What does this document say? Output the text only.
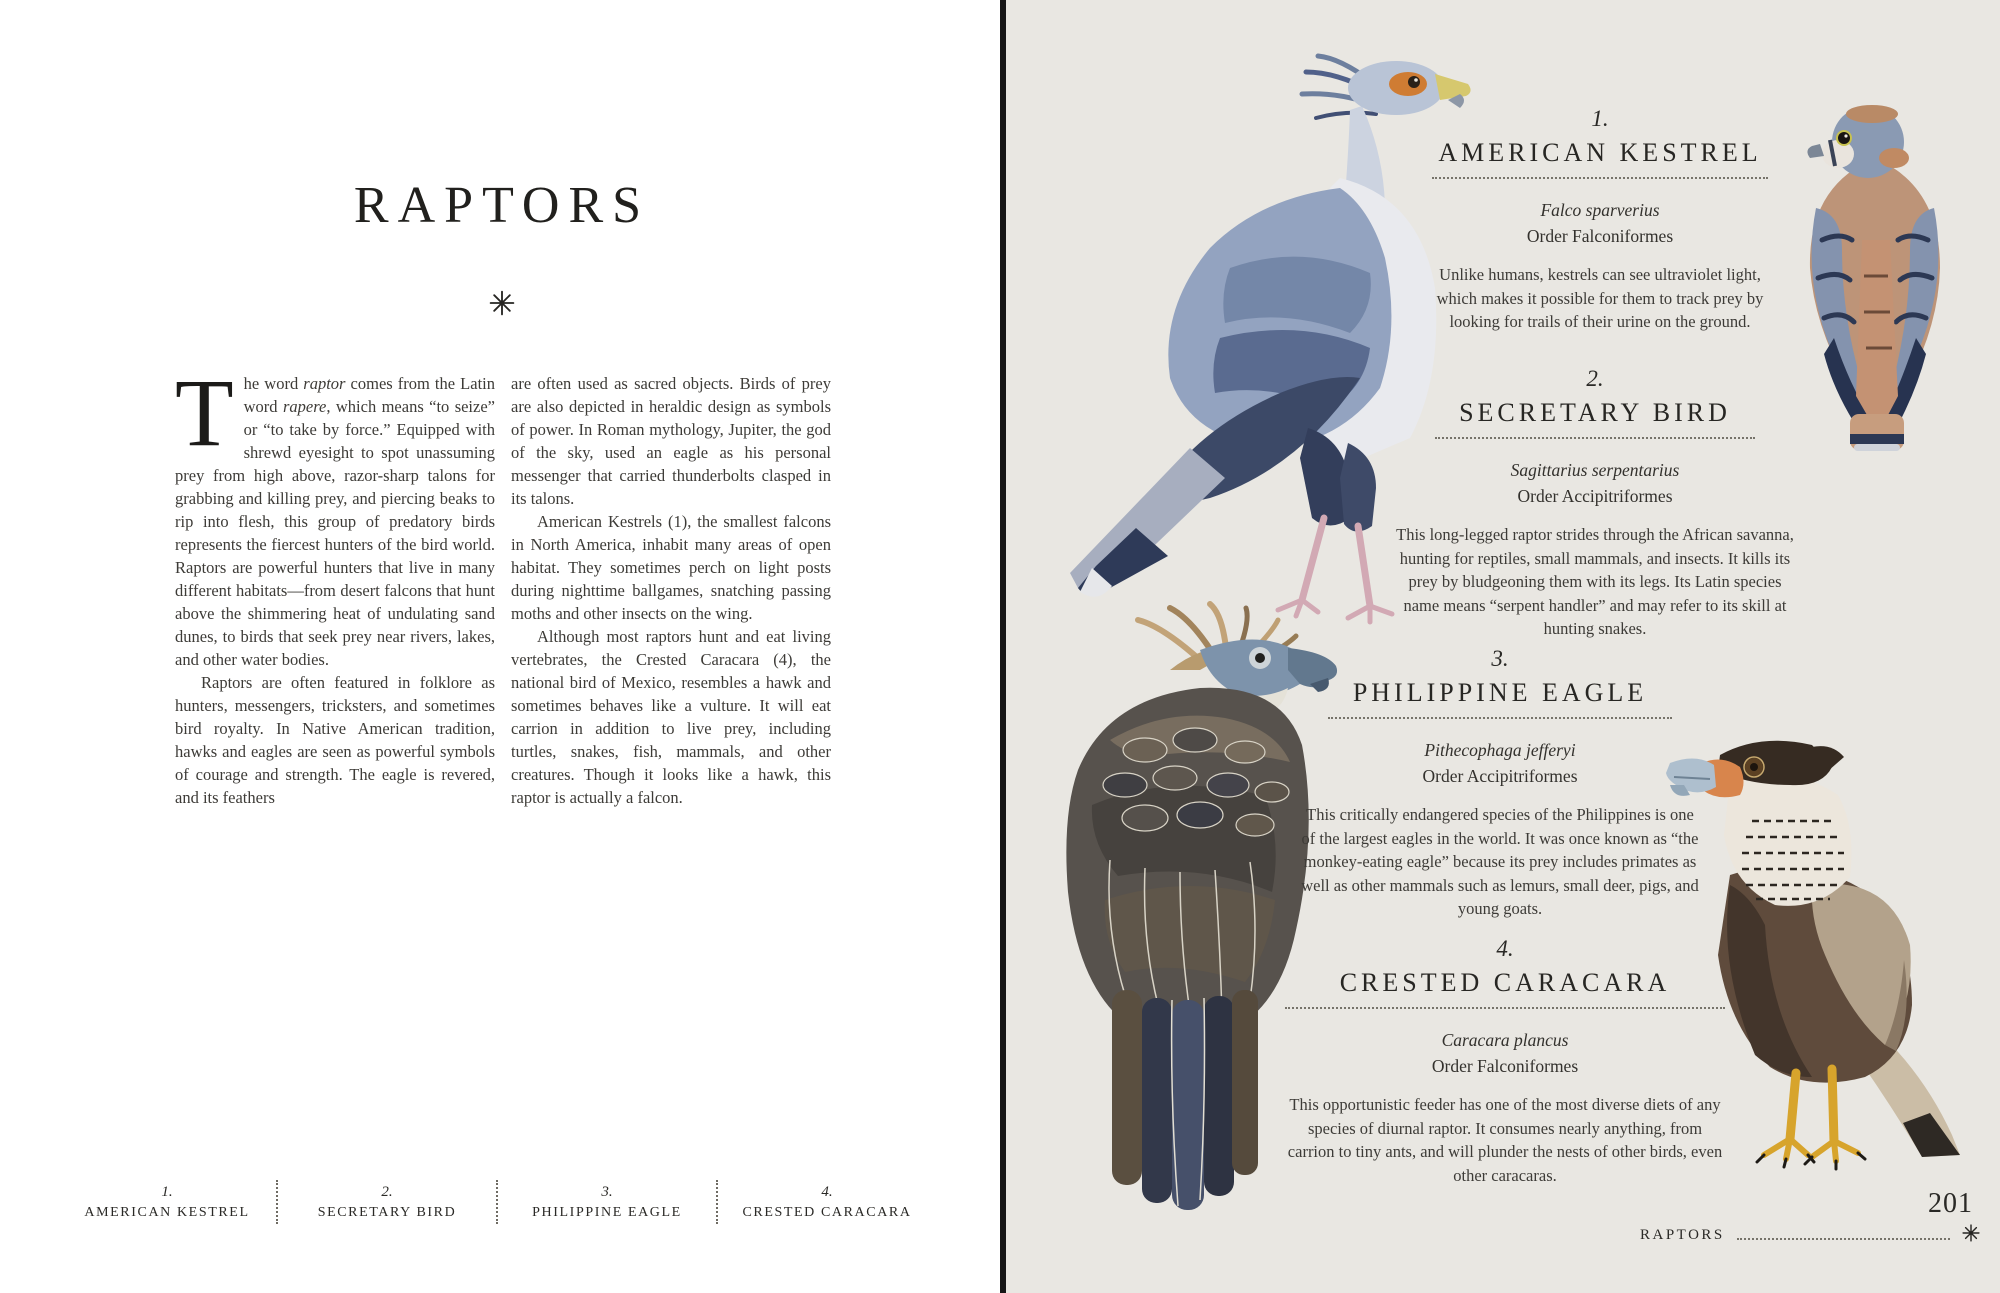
RAPTORS

The word raptor comes from the Latin word rapere, which means “to seize” or “to take by force.” Equipped with shrewd eyesight to spot unassuming prey from high above, razor-sharp talons for grabbing and killing prey, and piercing beaks to rip into flesh, this group of predatory birds represents the fiercest hunters of the bird world. Raptors are powerful hunters that live in many different habitats—from desert falcons that hunt above the shimmering heat of undulating sand dunes, to birds that seek prey near rivers, lakes, and other water bodies.

Raptors are often featured in folklore as hunters, messengers, tricksters, and sometimes bird royalty. In Native American tradition, hawks and eagles are seen as powerful symbols of courage and strength. The eagle is revered, and its feathers

are often used as sacred objects. Birds of prey are also depicted in heraldic design as symbols of power. In Roman mythology, Jupiter, the god of the sky, used an eagle as his personal messenger that carried thunderbolts clasped in its talons.

American Kestrels (1), the smallest falcons in North America, inhabit many areas of open habitat. They sometimes perch on light posts during nighttime ballgames, snatching passing moths and other insects on the wing.

Although most raptors hunt and eat living vertebrates, the Crested Caracara (4), the national bird of Mexico, resembles a hawk and sometimes behaves like a vulture. It will eat carrion in addition to live prey, including turtles, snakes, fish, mammals, and other creatures. Though it looks like a hawk, this raptor is actually a falcon.

1.
AMERICAN KESTREL
2.
SECRETARY BIRD
3.
PHILIPPINE EAGLE
4.
CRESTED CARACARA
1.
AMERICAN KESTREL
Falco sparverius
Order Falconiformes

Unlike humans, kestrels can see ultraviolet light, which makes it possible for them to track prey by looking for trails of their urine on the ground.

2.
SECRETARY BIRD
Sagittarius serpentarius
Order Accipitriformes

This long-legged raptor strides through the African savanna, hunting for reptiles, small mammals, and insects. It kills its prey by bludgeoning them with its legs. Its Latin species name means “serpent handler” and may refer to its skill at hunting snakes.

3.
PHILIPPINE EAGLE
Pithecophaga jefferyi
Order Accipitriformes

This critically endangered species of the Philippines is one of the largest eagles in the world. It was once known as “the monkey-eating eagle” because its prey includes primates as well as other mammals such as lemurs, small deer, pigs, and young goats.

4.
CRESTED CARACARA
Caracara plancus
Order Falconiformes

This opportunistic feeder has one of the most diverse diets of any species of diurnal raptor. It consumes nearly anything, from carrion to tiny ants, and will plunder the nests of other birds, even other caracaras.

201
RAPTORS
